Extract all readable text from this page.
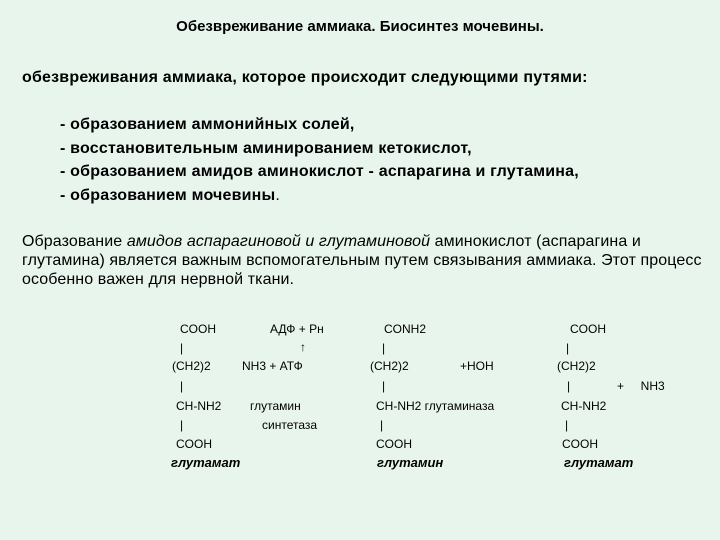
Обезвреживание аммиака. Биосинтез мочевины.
обезвреживания аммиака, которое происходит следующими путями:
- образованием аммонийных солей,
- восстановительным аминированием кетокислот,
- образованием амидов аминокислот - аспарагина и глутамина,
- образованием мочевины.
Образование амидов аспарагиновой и глутаминовой аминокислот (аспарагина и глутамина) является важным вспомогательным путем связывания аммиака. Этот процесс особенно важен для нервной ткани.
COOH
|
(CH2)2
|
CH-NH2
|
COOH
глутамат
АДФ + Рн
↑
NH3 + АТФ
глутамин
синтетаза
CONH2
|
(CH2)2
|
CH-NH2 глутаминаза
|
COOH
глутамин
+HOH
COOH
|
(CH2)2
|	+     NH3
CH-NH2
|
COOH
глутамат
